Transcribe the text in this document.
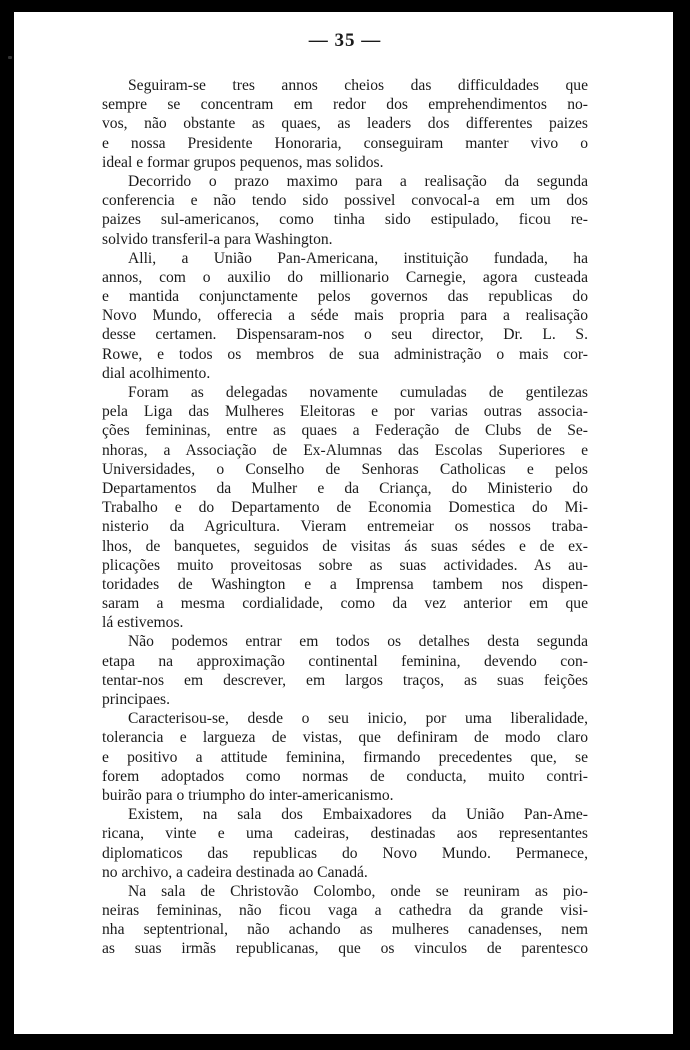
— 35 —
Seguiram-se tres annos cheios das difficuldades que
sempre se concentram em redor dos emprehendimentos no-
vos, não obstante as quaes, as leaders dos differentes paizes
e nossa Presidente Honoraria, conseguiram manter vivo o
ideal e formar grupos pequenos, mas solidos.
Decorrido o prazo maximo para a realisação da segunda
conferencia e não tendo sido possivel convocal-a em um dos
paizes sul-americanos, como tinha sido estipulado, ficou re-
solvido transferil-a para Washington.
Alli, a União Pan-Americana, instituição fundada, ha
annos, com o auxilio do millionario Carnegie, agora custeada
e mantida conjunctamente pelos governos das republicas do
Novo Mundo, offerecia a séde mais propria para a realisação
desse certamen. Dispensaram-nos o seu director, Dr. L. S.
Rowe, e todos os membros de sua administração o mais cor-
dial acolhimento.
Foram as delegadas novamente cumuladas de gentilezas
pela Liga das Mulheres Eleitoras e por varias outras associa-
ções femininas, entre as quaes a Federação de Clubs de Se-
nhoras, a Associação de Ex-Alumnas das Escolas Superiores e
Universidades, o Conselho de Senhoras Catholicas e pelos
Departamentos da Mulher e da Criança, do Ministerio do
Trabalho e do Departamento de Economia Domestica do Mi-
nisterio da Agricultura. Vieram entremeiar os nossos traba-
lhos, de banquetes, seguidos de visitas ás suas sédes e de ex-
plicações muito proveitosas sobre as suas actividades. As au-
toridades de Washington e a Imprensa tambem nos dispen-
saram a mesma cordialidade, como da vez anterior em que
lá estivemos.
Não podemos entrar em todos os detalhes desta segunda
etapa na approximação continental feminina, devendo con-
tentar-nos em descrever, em largos traços, as suas feições
principaes.
Caracterisou-se, desde o seu inicio, por uma liberalidade,
tolerancia e largueza de vistas, que definiram de modo claro
e positivo a attitude feminina, firmando precedentes que, se
forem adoptados como normas de conducta, muito contri-
buirão para o triumpho do inter-americanismo.
Existem, na sala dos Embaixadores da União Pan-Ame-
ricana, vinte e uma cadeiras, destinadas aos representantes
diplomaticos das republicas do Novo Mundo. Permanece,
no archivo, a cadeira destinada ao Canadá.
Na sala de Christovão Colombo, onde se reuniram as pio-
neiras femininas, não ficou vaga a cathedra da grande visi-
nha septentrional, não achando as mulheres canadenses, nem
as suas irmãs republicanas, que os vinculos de parentesco
